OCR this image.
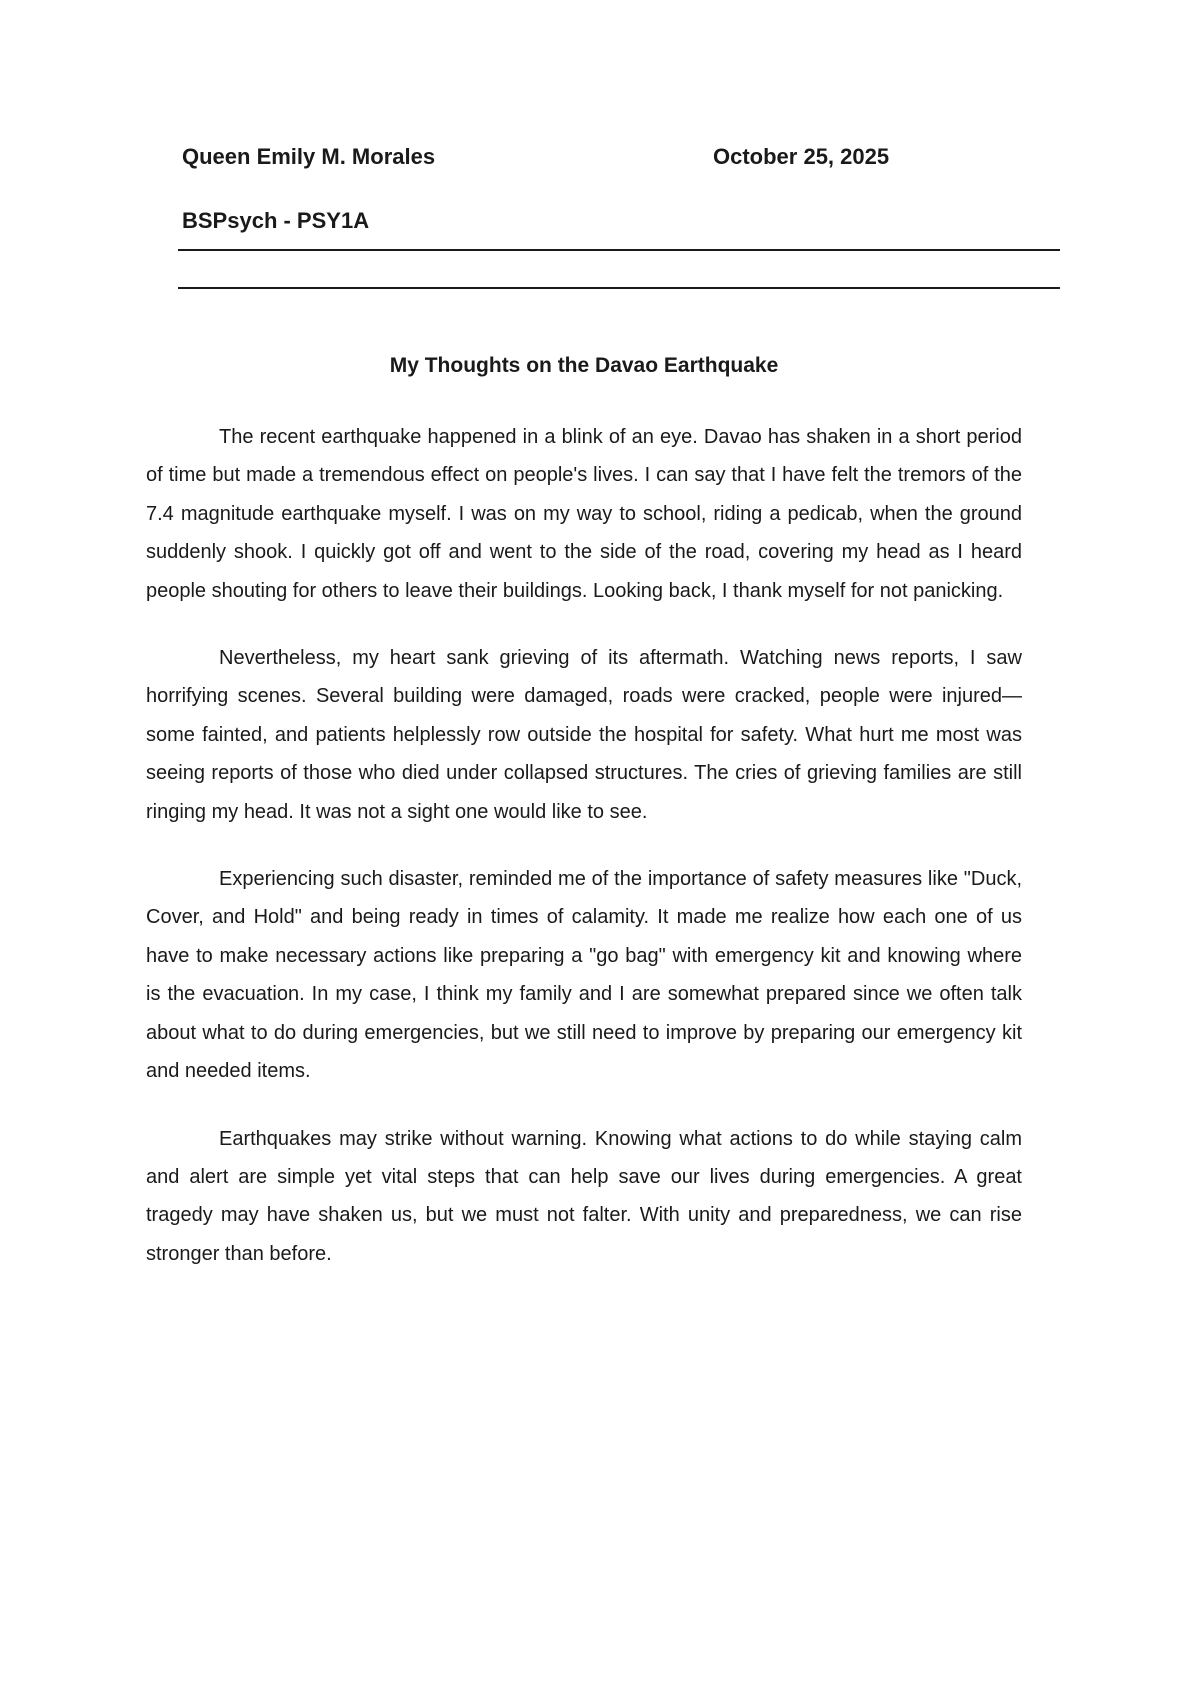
Queen Emily M. Morales	October 25, 2025
BSPsych - PSY1A
My Thoughts on the Davao Earthquake

The recent earthquake happened in a blink of an eye. Davao has shaken in a short period of time but made a tremendous effect on people's lives. I can say that I have felt the tremors of the 7.4 magnitude earthquake myself. I was on my way to school, riding a pedicab, when the ground suddenly shook. I quickly got off and went to the side of the road, covering my head as I heard people shouting for others to leave their buildings. Looking back, I thank myself for not panicking.

Nevertheless, my heart sank grieving of its aftermath. Watching news reports, I saw horrifying scenes. Several building were damaged, roads were cracked, people were injured—some fainted, and patients helplessly row outside the hospital for safety. What hurt me most was seeing reports of those who died under collapsed structures. The cries of grieving families are still ringing my head. It was not a sight one would like to see.

Experiencing such disaster, reminded me of the importance of safety measures like "Duck, Cover, and Hold" and being ready in times of calamity. It made me realize how each one of us have to make necessary actions like preparing a "go bag" with emergency kit and knowing where is the evacuation. In my case, I think my family and I are somewhat prepared since we often talk about what to do during emergencies, but we still need to improve by preparing our emergency kit and needed items.

Earthquakes may strike without warning. Knowing what actions to do while staying calm and alert are simple yet vital steps that can help save our lives during emergencies. A great tragedy may have shaken us, but we must not falter. With unity and preparedness, we can rise stronger than before.
